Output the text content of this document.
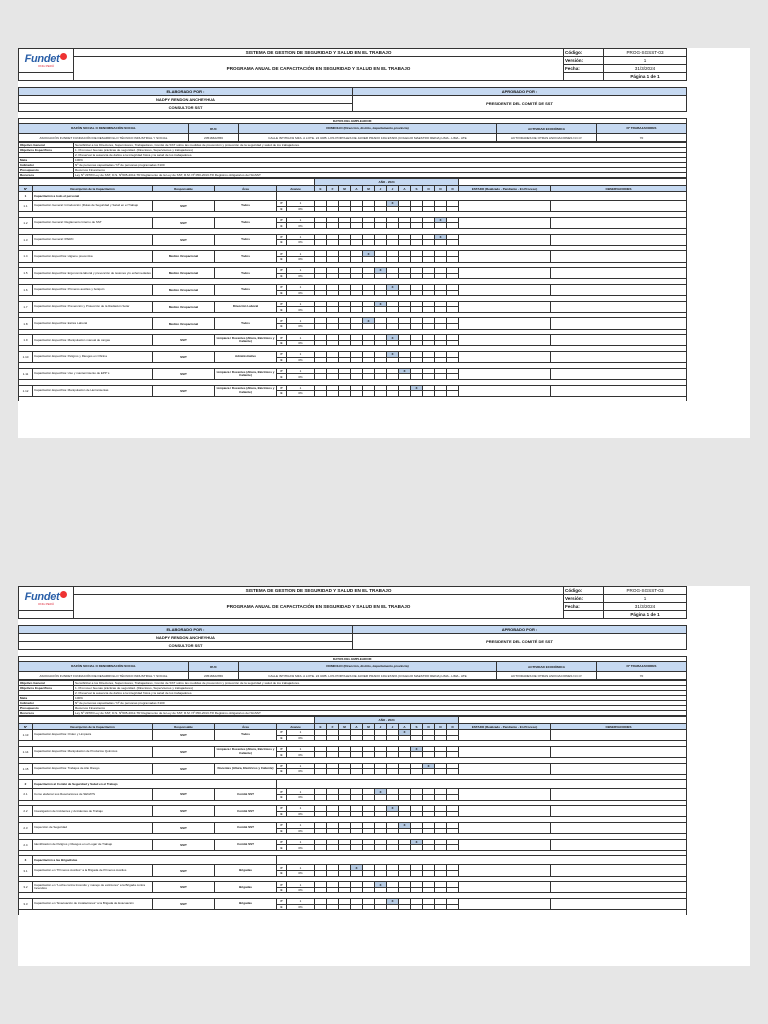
Fundet
ONG PERÚ	SISTEMA DE GESTION DE SEGURIDAD Y SALUD EN EL TRABAJO	Código:	PROG-SGSST-03
	PROGRAMA ANUAL DE CAPACITACIÓN EN SEGURIDAD Y SALUD EN EL TRABAJO	Versión:	1
		Fecha:	31/3/2024
			Página 1 de 1
ELABORADO POR :	APROBADO POR :
NADPY RENDON ANCHEYHUA	PRESIDENTE DEL COMITÉ DE SST
CONSULTOR SST	
DATOS DEL EMPLEADOR:				
RAZÓN SOCIAL O DENOMINACIÓN SOCIAL	RUC	DOMICILIO (Dirección, distrito, departamento,provincia)	ACTIVIDAD ECONÓMICA	Nº TRABAJADORES
ASOCIACIÓN FUNDET FUNDACIÓN DE DESARROLLO TÉCNICO INDUSTRIAL Y SOCIAL	20516622356	CALLE INTIHUASI MZA. A LOTE. 24 URB. LOS PORTALES DE JAVIER PRADO 1RA ETAPA (COLEGIO MAESTRO REINA) LIMA - LIMA - ATE	ACTIVIDADES DE OTRAS ASOCIACIONES N.C.P.	70
Objetivo General	Sensibilizar a los Directores, Supervisores, Trabajadores, Comité de SST sobre las medidas de prevención y protección de la seguridad y salud de los trabajadores.
Objetivos Específicos	1. Promover buenas prácticas de seguridad. (Directores, Supervisores y trabajadores)
	2. Preservar la ausencia de daños a la integridad física y la salud de los trabajadores.
Meta	100%
Indicador	Nº de personas capacitadas / Nº de personas programadas X100
Presupuesto	Recursos Financieros
Recursos	Ley Nº 29783 Ley de SST, D.S. Nº005-2012-TR Reglamento de la Ley de SST, R.M. Nº 050-2013-TR Registros obligatorios del SGSST
						AÑO - 2024													
Nº	Descripción de la Capacitación	Responsable	Área	Avance		E	F	M	A	M	J	J	A	S	O	N	D	ESTADO (Realizado - Pendiente - En Proceso)	OBSERVACIONES
1	Capacitación a todo el personal																		
1.1	Capacitación General: Introducción (Rutas de Seguridad y Salud en el Trabajo	SSIT	Todos	P	1							X							
				E	0%														

1.2	Capacitación General: Reglamento Interno de SST	SSIT	Todos	P	1											X			
				E	0%														

1.3	Capacitación General: IPERC	SSIT	Todos	P	1											X			
				E	0%														

1.4	Capacitación Específica: Higiene preventiva	Medico Ocupacional	Todos	P	1					X									
				E	0%														

1.5	Capacitación Específica: Ergonomía laboral y prevención de lesiones y/o enfermedades	Medico Ocupacional	Todos	P	1						X								
				E	0%														

1.6	Capacitación Específica: Primeros auxilios y botiquín	Medico Ocupacional	Todos	P	1							X							
				E	0%														

1.7	Capacitación Específica: Prevención y Protección de la Radiación Solar	Medico Ocupacional	Dirección Laboral	P	1						X								
				E	0%														

1.8	Capacitación Específica: Estrés Laboral	Medico Ocupacional	Todos	P	1					X									
				E	0%														

1.9	Capacitación Específica: Manipulación manual de cargas	SSIT	Limpieza / Docentes (Altura, Eléctricos y Caliente)	P	1							X							
				E	0%														

1.10	Capacitación Específica: Peligros y Riesgos en Oficina	SSIT	Administrativo	P	1							X							
				E	0%														

1.11	Capacitación Específica: Uso y mantenimiento de EPP´s	SSIT	Limpieza / Docentes (Altura, Eléctricos y Caliente)	P	1								X						
				E	0%														

1.12	Capacitación Específica: Manipulación de Herramientas	SSIT	Limpieza / Docentes (Altura, Eléctricos y Caliente)	P	1									X					
				E	0%														

Fundet
ONG PERÚ	SISTEMA DE GESTION DE SEGURIDAD Y SALUD EN EL TRABAJO	Código:	PROG-SGSST-03
	PROGRAMA ANUAL DE CAPACITACIÓN EN SEGURIDAD Y SALUD EN EL TRABAJO	Versión:	1
		Fecha:	31/3/2024
			Página 1 de 1
ELABORADO POR :	APROBADO POR :
NADPY RENDON ANCHEYHUA	PRESIDENTE DEL COMITÉ DE SST
CONSULTOR SST	
DATOS DEL EMPLEADOR:				
RAZÓN SOCIAL O DENOMINACIÓN SOCIAL	RUC	DOMICILIO (Dirección, distrito, departamento,provincia)	ACTIVIDAD ECONÓMICA	Nº TRABAJADORES
ASOCIACIÓN FUNDET FUNDACIÓN DE DESARROLLO TÉCNICO INDUSTRIAL Y SOCIAL	20516622356	CALLE INTIHUASI MZA. A LOTE. 24 URB. LOS PORTALES DE JAVIER PRADO 1RA ETAPA (COLEGIO MAESTRO REINA) LIMA - LIMA - ATE	ACTIVIDADES DE OTRAS ASOCIACIONES N.C.P.	70
Objetivo General	Sensibilizar a los Directores, Supervisores, Trabajadores, Comité de SST sobre las medidas de prevención y protección de la seguridad y salud de los trabajadores.
Objetivos Específicos	1. Promover buenas prácticas de seguridad. (Directores, Supervisores y trabajadores)
	2. Preservar la ausencia de daños a la integridad física y la salud de los trabajadores.
Meta	100%
Indicador	Nº de personas capacitadas / Nº de personas programadas X100
Presupuesto	Recursos Financieros
Recursos	Ley Nº 29783 Ley de SST, D.S. Nº005-2012-TR Reglamento de la Ley de SST, R.M. Nº 050-2013-TR Registros obligatorios del SGSST
						AÑO - 2024													
Nº	Descripción de la Capacitación	Responsable	Área	Avance		E	F	M	A	M	J	J	A	S	O	N	D	ESTADO (Realizado - Pendiente - En Proceso)	OBSERVACIONES
1.13	Capacitación Específica: Orden y Limpieza	SSIT	Todos	P	1								X						
				E	0%														

1.14	Capacitación Específica: Manipulación de Productos Químicos	SSIT	Limpieza / Docentes (Altura, Eléctricos y Caliente)	P	1									X					
				E	0%														

1.15	Capacitación Específica: Trabajos de Alto Riesgo	SSIT	Docentes (Altura, Eléctricos y Caliente)	P	1										X				
				E	0%														

2	Capacitación al Comité de Seguridad y Salud en el Trabajo																		
2.1	Como elaborar sus Resoluciones de SENATS	SSIT	Comité SST	P	1						X								
				E	0%														

2.2	Investigación de Incidentes y Accidentes de Trabajo	SSIT	Comité SST	P	1							X							
				E	0%														

2.3	Inspección de Seguridad	SSIT	Comité SST	P	1								X						
				E	0%														

2.4	Identificación de Peligros y Riesgos en el Lugar de Trabajo	SSIT	Comité SST	P	1									X					
				E	0%														

3	Capacitación a las Brigadistas																		
3.1	Capacitación en "Primeros Auxilios" a la Brigada de Primeros Auxilios	SSIT	Brigadas	P	1				X										
				E	0%														

3.2	Capacitación en "Lucha contra Incendio y manejo de extintores" a la Brigada contra Incendios	SSIT	Brigadas	P	1						X								
				E	0%														

3.3	Capacitación en "Evacuación de instalaciones" a la Brigada de Evacuación	SSIT	Brigadas	P	1							X							
				E	0%														
